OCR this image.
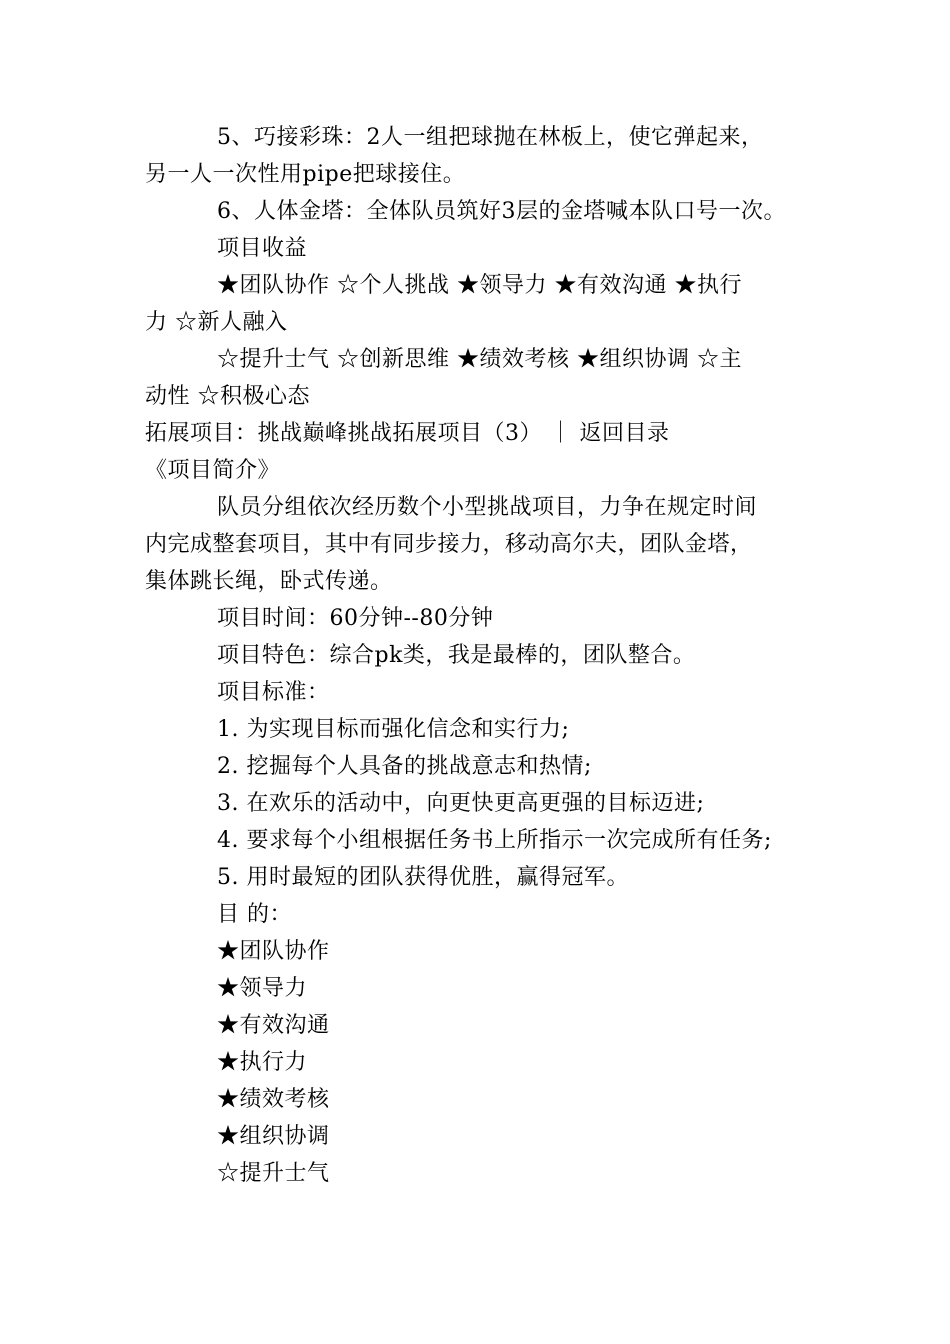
5、巧接彩珠：2人一组把球抛在林板上，使它弹起来，
另一人一次性用pipe把球接住。
6、人体金塔：全体队员筑好3层的金塔喊本队口号一次。
项目收益
★团队协作 ☆个人挑战 ★领导力 ★有效沟通 ★执行
力 ☆新人融入
☆提升士气 ☆创新思维 ★绩效考核 ★组织协调 ☆主
动性 ☆积极心态
拓展项目：挑战巅峰挑战拓展项目（3） ｜ 返回目录
《项目简介》
队员分组依次经历数个小型挑战项目，力争在规定时间
内完成整套项目，其中有同步接力，移动高尔夫，团队金塔，
集体跳长绳，卧式传递。
项目时间：60分钟--80分钟
项目特色：综合pk类，我是最棒的，团队整合。
项目标准：
1. 为实现目标而强化信念和实行力;
2. 挖掘每个人具备的挑战意志和热情;
3. 在欢乐的活动中，向更快更高更强的目标迈进;
4. 要求每个小组根据任务书上所指示一次完成所有任务;
5. 用时最短的团队获得优胜，赢得冠军。
目 的：
★团队协作
★领导力
★有效沟通
★执行力
★绩效考核
★组织协调
☆提升士气
